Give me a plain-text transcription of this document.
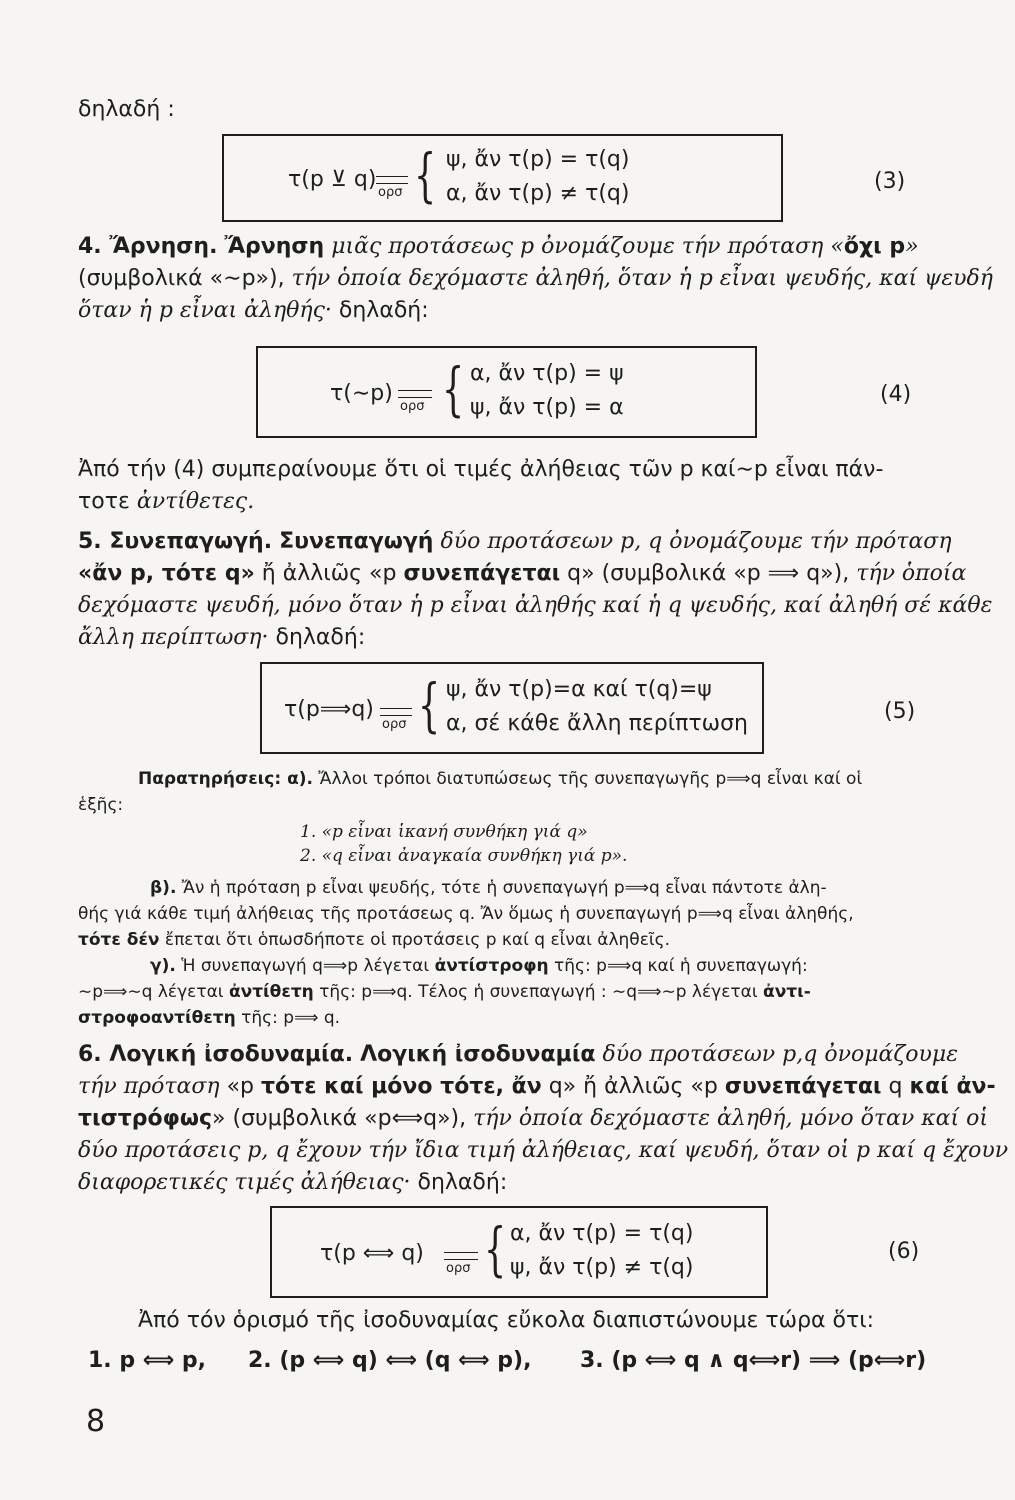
δηλαδή :
τ(p ⊻ q)
ορσ { ψ, ἄν τ(p) = τ(q)
α, ἄν τ(p) ≠ τ(q)	(3)
4. Ἄρνηση. Ἄρνηση μιᾶς προτάσεως p ὀνομάζουμε τήν πρόταση «ὄχι p»
(συμβολικά «∼p»), τήν ὁποία δεχόμαστε ἀληθή, ὅταν ἡ p εἶναι ψευδής, καί ψευδή
ὅταν ἡ p εἶναι ἀληθής· δηλαδή:
τ(∼p)
ορσ { α, ἄν τ(p) = ψ
ψ, ἄν τ(p) = α
(4)
Ἀπό τήν (4) συμπεραίνουμε ὅτι οἱ τιμές ἀλήθειας τῶν p καί∼p εἶναι πάν-
τοτε ἀντίθετες.
5. Συνεπαγωγή. Συνεπαγωγή δύο προτάσεων p, q ὀνομάζουμε τήν πρόταση
«ἄν p, τότε q» ἤ ἀλλιῶς «p συνεπάγεται q» (συμβολικά «p ⟹ q»), τήν ὁποία
δεχόμαστε ψευδή, μόνο ὅταν ἡ p εἶναι ἀληθής καί ἡ q ψευδής, καί ἀληθή σέ κάθε
ἄλλη περίπτωση· δηλαδή:
τ(p⟹q)
ορσ { ψ, ἄν τ(p)=α καί τ(q)=ψ
α, σέ κάθε ἄλλη περίπτωση	(5)
Παρατηρήσεις: α). Ἄλλοι τρόποι διατυπώσεως τῆς συνεπαγωγῆς p⟹q εἶναι καί οἱ
ἑξῆς:
1. «p εἶναι ἱκανή συνθήκη γιά q»
2. «q εἶναι ἀναγκαία συνθήκη γιά p».
β). Ἄν ἡ πρόταση p εἶναι ψευδής, τότε ἡ συνεπαγωγή p⟹q εἶναι πάντοτε ἀλη-
θής γιά κάθε τιμή ἀλήθειας τῆς προτάσεως q. Ἄν ὅμως ἡ συνεπαγωγή p⟹q εἶναι ἀληθής,
τότε δέν ἔπεται ὅτι ὁπωσδήποτε οἱ προτάσεις p καί q εἶναι ἀληθεῖς.
γ). Ἡ συνεπαγωγή q⟹p λέγεται ἀντίστροφη τῆς: p⟹q καί ἡ συνεπαγωγή:
∼p⟹∼q λέγεται ἀντίθετη τῆς: p⟹q. Τέλος ἡ συνεπαγωγή : ∼q⟹∼p λέγεται ἀντι-
στροφοαντίθετη τῆς: p⟹ q.
6. Λογική ἰσοδυναμία. Λογική ἰσοδυναμία δύο προτάσεων p,q ὀνομάζουμε
τήν πρόταση «p τότε καί μόνο τότε, ἄν q» ἤ ἀλλιῶς «p συνεπάγεται q καί ἀν-
τιστρόφως» (συμβολικά «p⟺q»), τήν ὁποία δεχόμαστε ἀληθή, μόνο ὅταν καί οἱ
δύο προτάσεις p, q ἔχουν τήν ἴδια τιμή ἀλήθειας, καί ψευδή, ὅταν οἱ p καί q ἔχουν
διαφορετικές τιμές ἀλήθειας· δηλαδή:
τ(p ⟺ q)
ορσ { α, ἄν τ(p) = τ(q)
ψ, ἄν τ(p) ≠ τ(q)
(6)
Ἀπό τόν ὁρισμό τῆς ἰσοδυναμίας εὔκολα διαπιστώνουμε τώρα ὅτι:
1. p ⟺ p, 2. (p ⟺ q) ⟺ (q ⟺ p), 3. (p ⟺ q ∧ q⟺r) ⟹ (p⟺r)
8
